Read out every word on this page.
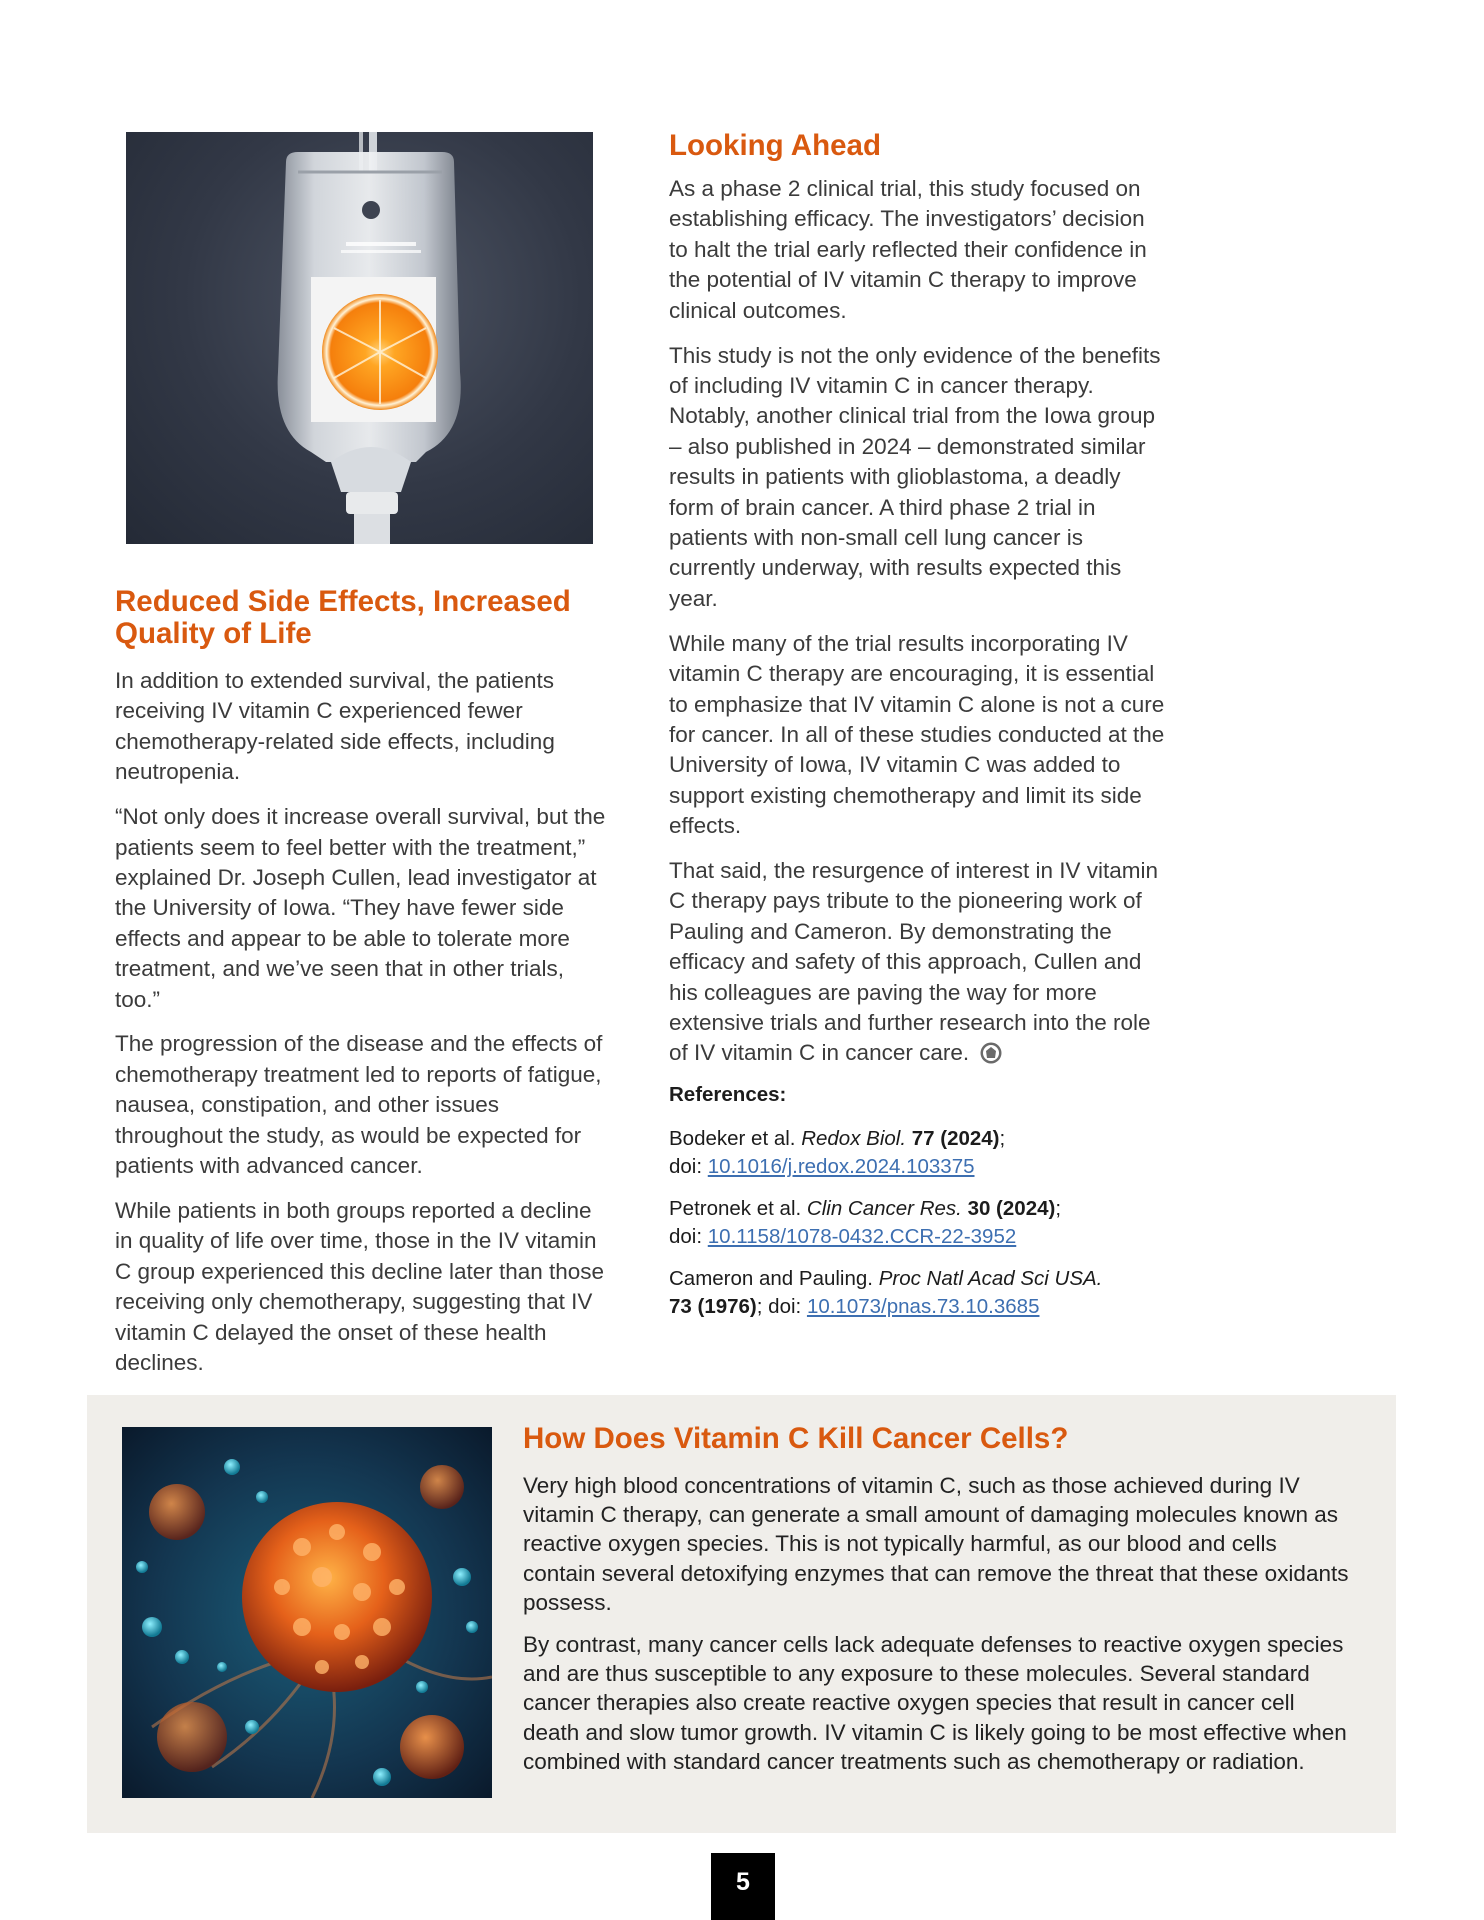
Reduced Side Effects, Increased Quality of Life

In addition to extended survival, the patients receiving IV vitamin C experienced fewer chemotherapy-related side effects, including neutropenia.

“Not only does it increase overall survival, but the patients seem to feel better with the treatment,” explained Dr. Joseph Cullen, lead investigator at the University of Iowa. “They have fewer side effects and appear to be able to tolerate more treatment, and we’ve seen that in other trials, too.”

The progression of the disease and the effects of chemotherapy treatment led to reports of fatigue, nausea, constipation, and other issues throughout the study, as would be expected for patients with advanced cancer.

While patients in both groups reported a decline in quality of life over time, those in the IV vitamin C group experienced this decline later than those receiving only chemotherapy, suggesting that IV vitamin C delayed the onset of these health declines.

Looking Ahead

As a phase 2 clinical trial, this study focused on establishing efficacy. The investigators’ decision to halt the trial early reflected their confidence in the potential of IV vitamin C therapy to improve clinical outcomes.

This study is not the only evidence of the benefits of including IV vitamin C in cancer therapy. Notably, another clinical trial from the Iowa group – also published in 2024 – demonstrated similar results in patients with glioblastoma, a deadly form of brain cancer. A third phase 2 trial in patients with non-small cell lung cancer is currently underway, with results expected this year.

While many of the trial results incorporating IV vitamin C therapy are encouraging, it is essential to emphasize that IV vitamin C alone is not a cure for cancer. In all of these studies conducted at the University of Iowa, IV vitamin C was added to support existing chemotherapy and limit its side effects.

That said, the resurgence of interest in IV vitamin C therapy pays tribute to the pioneering work of Pauling and Cameron. By demonstrating the efficacy and safety of this approach, Cullen and his colleagues are paving the way for more extensive trials and further research into the role of IV vitamin C in cancer care.

References:
Bodeker et al. Redox Biol. 77 (2024);
doi: 10.1016/j.redox.2024.103375
Petronek et al. Clin Cancer Res. 30 (2024);
doi: 10.1158/1078-0432.CCR-22-3952
Cameron and Pauling. Proc Natl Acad Sci USA.
73 (1976); doi: 10.1073/pnas.73.10.3685
How Does Vitamin C Kill Cancer Cells?

Very high blood concentrations of vitamin C, such as those achieved during IV vitamin C therapy, can generate a small amount of damaging molecules known as reactive oxygen species. This is not typically harmful, as our blood and cells contain several detoxifying enzymes that can remove the threat that these oxidants possess.

By contrast, many cancer cells lack adequate defenses to reactive oxygen species and are thus susceptible to any exposure to these molecules. Several standard cancer therapies also create reactive oxygen species that result in cancer cell death and slow tumor growth. IV vitamin C is likely going to be most effective when combined with standard cancer treatments such as chemotherapy or radiation.

5
